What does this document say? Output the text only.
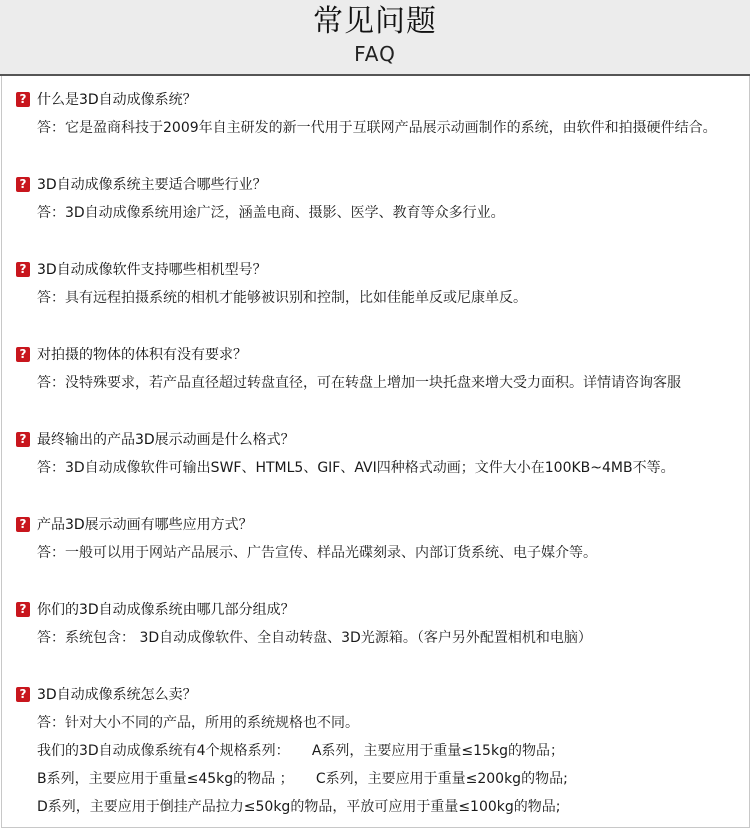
常见问题
FAQ
? 什么是3D自动成像系统？
答：它是盈商科技于2009年自主研发的新一代用于互联网产品展示动画制作的系统，由软件和拍摄硬件结合。
? 3D自动成像系统主要适合哪些行业？
答：3D自动成像系统用途广泛，涵盖电商、摄影、医学、教育等众多行业。
? 3D自动成像软件支持哪些相机型号？
答：具有远程拍摄系统的相机才能够被识别和控制，比如佳能单反或尼康单反。
? 对拍摄的物体的体积有没有要求？
答：没特殊要求，若产品直径超过转盘直径，可在转盘上增加一块托盘来增大受力面积。详情请咨询客服
? 最终输出的产品3D展示动画是什么格式？
答：3D自动成像软件可输出SWF、HTML5、GIF、AVI四种格式动画；文件大小在100KB~4MB不等。
? 产品3D展示动画有哪些应用方式？
答：一般可以用于网站产品展示、广告宣传、样品光碟刻录、内部订货系统、电子媒介等。
? 你们的3D自动成像系统由哪几部分组成？
答：系统包含： 3D自动成像软件、全自动转盘、3D光源箱。（客户另外配置相机和电脑）
? 3D自动成像系统怎么卖？
答：针对大小不同的产品，所用的系统规格也不同。
我们的3D自动成像系统有4个规格系列：     A系列，主要应用于重量≤15kg的物品；
B系列，主要应用于重量≤45kg的物品 ；     C系列，主要应用于重量≤200kg的物品;
D系列，主要应用于倒挂产品拉力≤50kg的物品，平放可应用于重量≤100kg的物品;
